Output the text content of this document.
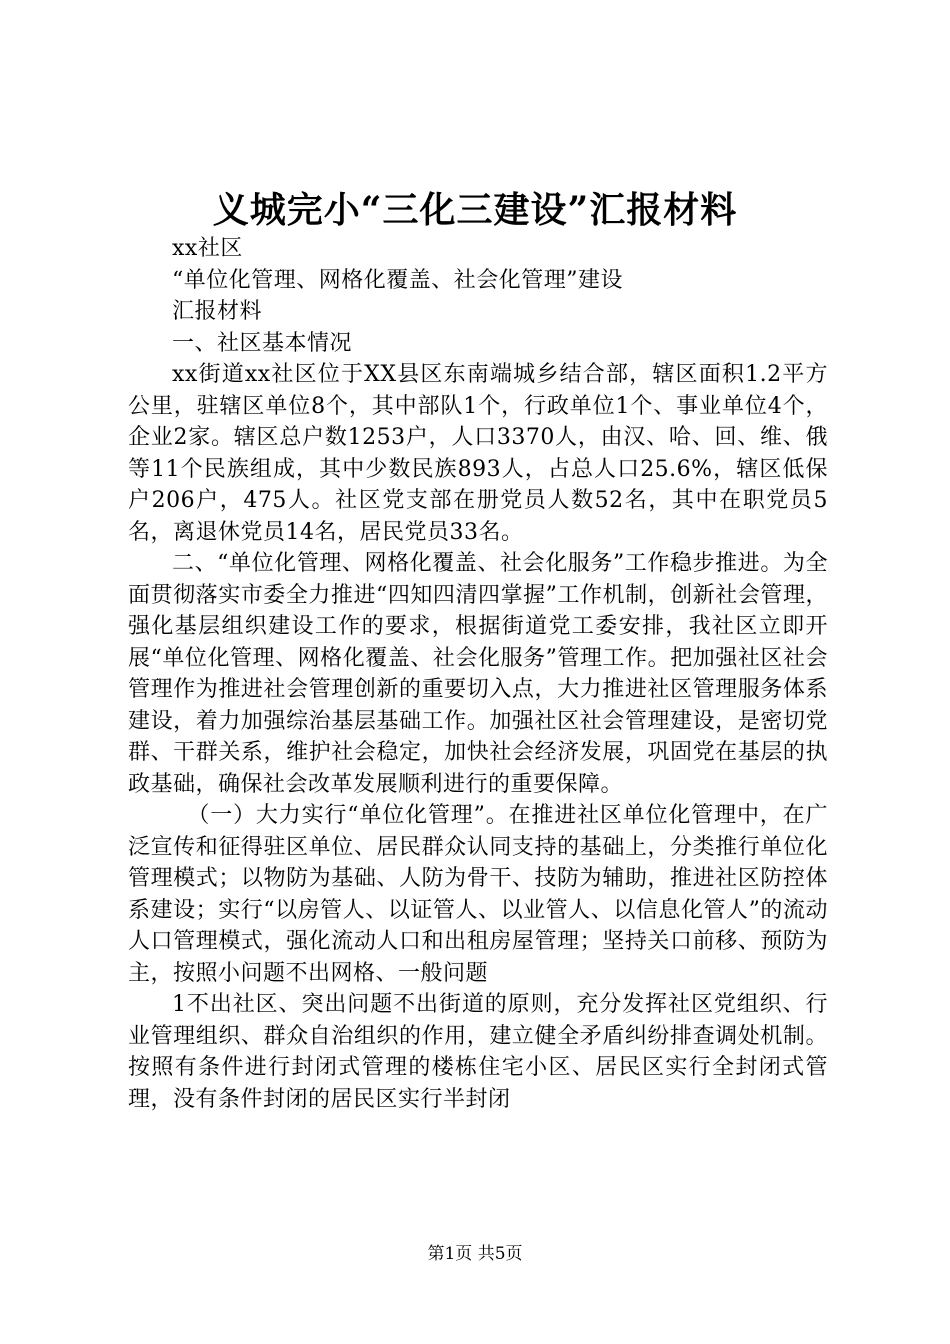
义城完小“三化三建设”汇报材料

xx社区

“单位化管理、网格化覆盖、社会化管理”建设

汇报材料

一、社区基本情况

xx街道xx社区位于XX县区东南端城乡结合部，辖区面积1.2平方公里，驻辖区单位8个，其中部队1个，行政单位1个、事业单位4个，企业2家。辖区总户数1253户，人口3370人，由汉、哈、回、维、俄等11个民族组成，其中少数民族893人，占总人口25.6%，辖区低保户206户，475人。社区党支部在册党员人数52名，其中在职党员5名，离退休党员14名，居民党员33名。

二、“单位化管理、网格化覆盖、社会化服务”工作稳步推进。为全面贯彻落实市委全力推进“四知四清四掌握”工作机制，创新社会管理，强化基层组织建设工作的要求，根据街道党工委安排，我社区立即开展“单位化管理、网格化覆盖、社会化服务”管理工作。把加强社区社会管理作为推进社会管理创新的重要切入点，大力推进社区管理服务体系建设，着力加强综治基层基础工作。加强社区社会管理建设，是密切党群、干群关系，维护社会稳定，加快社会经济发展，巩固党在基层的执政基础，确保社会改革发展顺利进行的重要保障。

（一）大力实行“单位化管理”。在推进社区单位化管理中，在广泛宣传和征得驻区单位、居民群众认同支持的基础上，分类推行单位化管理模式；以物防为基础、人防为骨干、技防为辅助，推进社区防控体系建设；实行“以房管人、以证管人、以业管人、以信息化管人”的流动人口管理模式，强化流动人口和出租房屋管理；坚持关口前移、预防为主，按照小问题不出网格、一般问题

1不出社区、突出问题不出街道的原则，充分发挥社区党组织、行业管理组织、群众自治组织的作用，建立健全矛盾纠纷排查调处机制。按照有条件进行封闭式管理的楼栋住宅小区、居民区实行全封闭式管理，没有条件封闭的居民区实行半封闭

第1页 共5页
